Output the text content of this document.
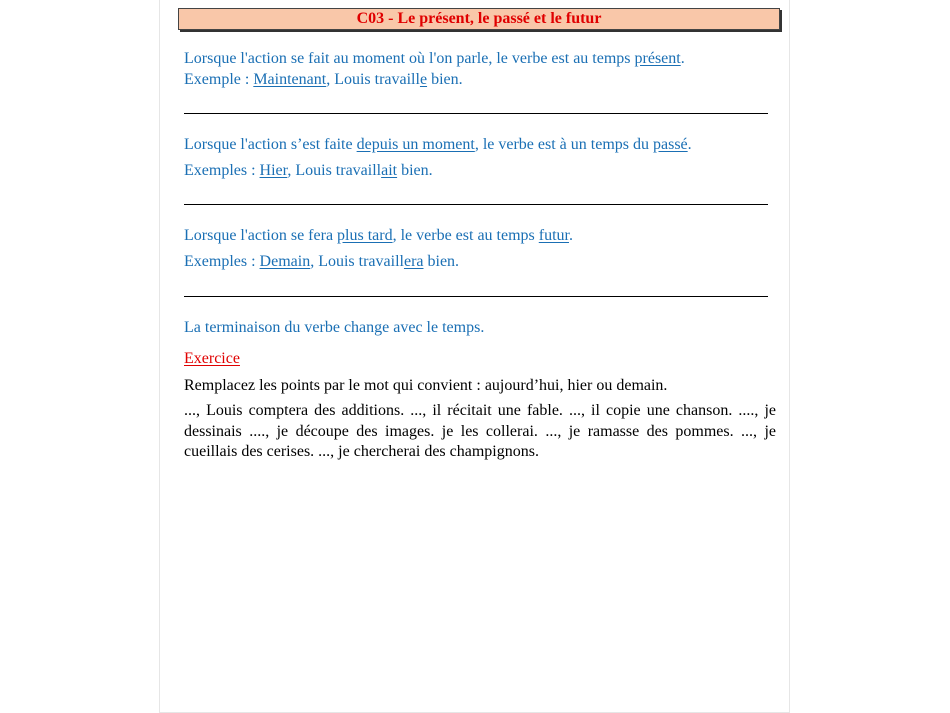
C03 - Le présent, le passé et le futur
Lorsque l'action se fait au moment où l'on parle, le verbe est au temps présent.
Exemple : Maintenant, Louis travaille bien.
Lorsque l'action s’est faite depuis un moment, le verbe est à un temps du passé.
Exemples : Hier, Louis travaillait bien.
Lorsque l'action se fera plus tard, le verbe est au temps futur.
Exemples : Demain, Louis travaillera bien.
La terminaison du verbe change avec le temps.
Exercice
Remplacez les points par le mot qui convient : aujourd’hui, hier ou demain.
..., Louis comptera des additions. ..., il récitait une fable. ..., il copie une chanson. ...., je dessinais ...., je découpe des images. je les collerai. ..., je ramasse des pommes. ..., je cueillais des cerises. ..., je chercherai des champignons.
